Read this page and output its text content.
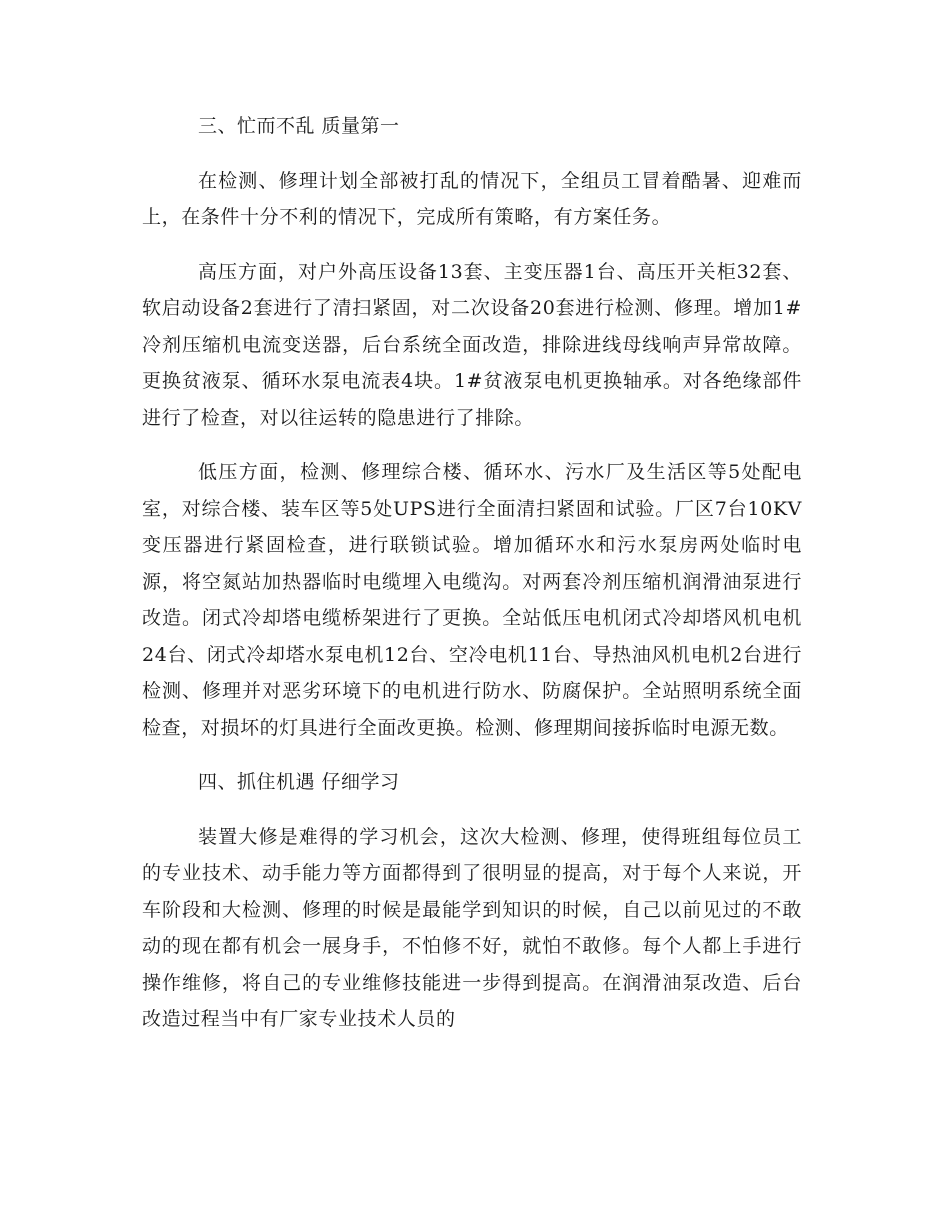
三、忙而不乱 质量第一
在检测、修理计划全部被打乱的情况下，全组员工冒着酷暑、迎难而上，在条件十分不利的情况下，完成所有策略，有方案任务。
高压方面，对户外高压设备13套、主变压器1台、高压开关柜32套、软启动设备2套进行了清扫紧固，对二次设备20套进行检测、修理。增加1#冷剂压缩机电流变送器，后台系统全面改造，排除进线母线响声异常故障。更换贫液泵、循环水泵电流表4块。1#贫液泵电机更换轴承。对各绝缘部件进行了检查，对以往运转的隐患进行了排除。
低压方面，检测、修理综合楼、循环水、污水厂及生活区等5处配电室，对综合楼、装车区等5处UPS进行全面清扫紧固和试验。厂区7台10KV变压器进行紧固检查，进行联锁试验。增加循环水和污水泵房两处临时电源，将空氮站加热器临时电缆埋入电缆沟。对两套冷剂压缩机润滑油泵进行改造。闭式冷却塔电缆桥架进行了更换。全站低压电机闭式冷却塔风机电机24台、闭式冷却塔水泵电机12台、空冷电机11台、导热油风机电机2台进行检测、修理并对恶劣环境下的电机进行防水、防腐保护。全站照明系统全面检查，对损坏的灯具进行全面改更换。检测、修理期间接拆临时电源无数。
四、抓住机遇 仔细学习
装置大修是难得的学习机会，这次大检测、修理，使得班组每位员工的专业技术、动手能力等方面都得到了很明显的提高，对于每个人来说，开车阶段和大检测、修理的时候是最能学到知识的时候，自己以前见过的不敢动的现在都有机会一展身手，不怕修不好，就怕不敢修。每个人都上手进行操作维修，将自己的专业维修技能进一步得到提高。在润滑油泵改造、后台改造过程当中有厂家专业技术人员的
